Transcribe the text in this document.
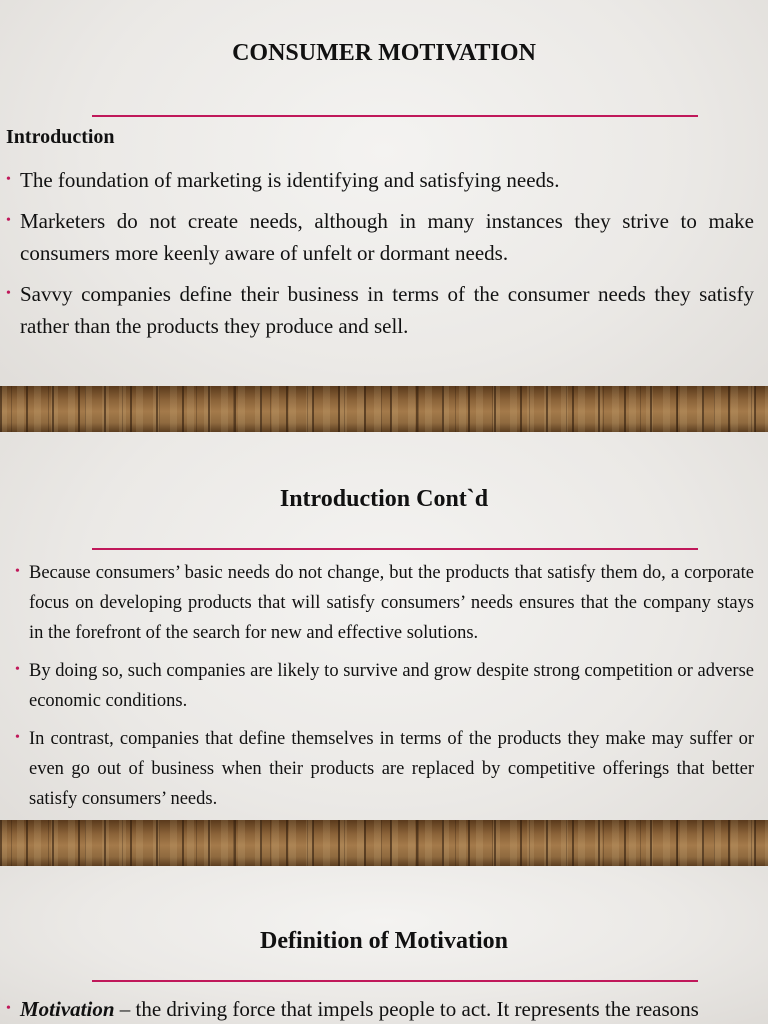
CONSUMER MOTIVATION
Introduction
• The foundation of marketing is identifying and satisfying needs.
• Marketers do not create needs, although in many instances they strive to make consumers more keenly aware of unfelt or dormant needs.
• Savvy companies define their business in terms of the consumer needs they satisfy rather than the products they produce and sell.
Introduction Cont`d
• Because consumers’ basic needs do not change, but the products that satisfy them do, a corporate focus on developing products that will satisfy consumers’ needs ensures that the company stays in the forefront of the search for new and effective solutions.
• By doing so, such companies are likely to survive and grow despite strong competition or adverse economic conditions.
• In contrast, companies that define themselves in terms of the products they make may suffer or even go out of business when their products are replaced by competitive offerings that better satisfy consumers’ needs.
Definition of Motivation
• Motivation – the driving force that impels people to act. It represents the reasons
